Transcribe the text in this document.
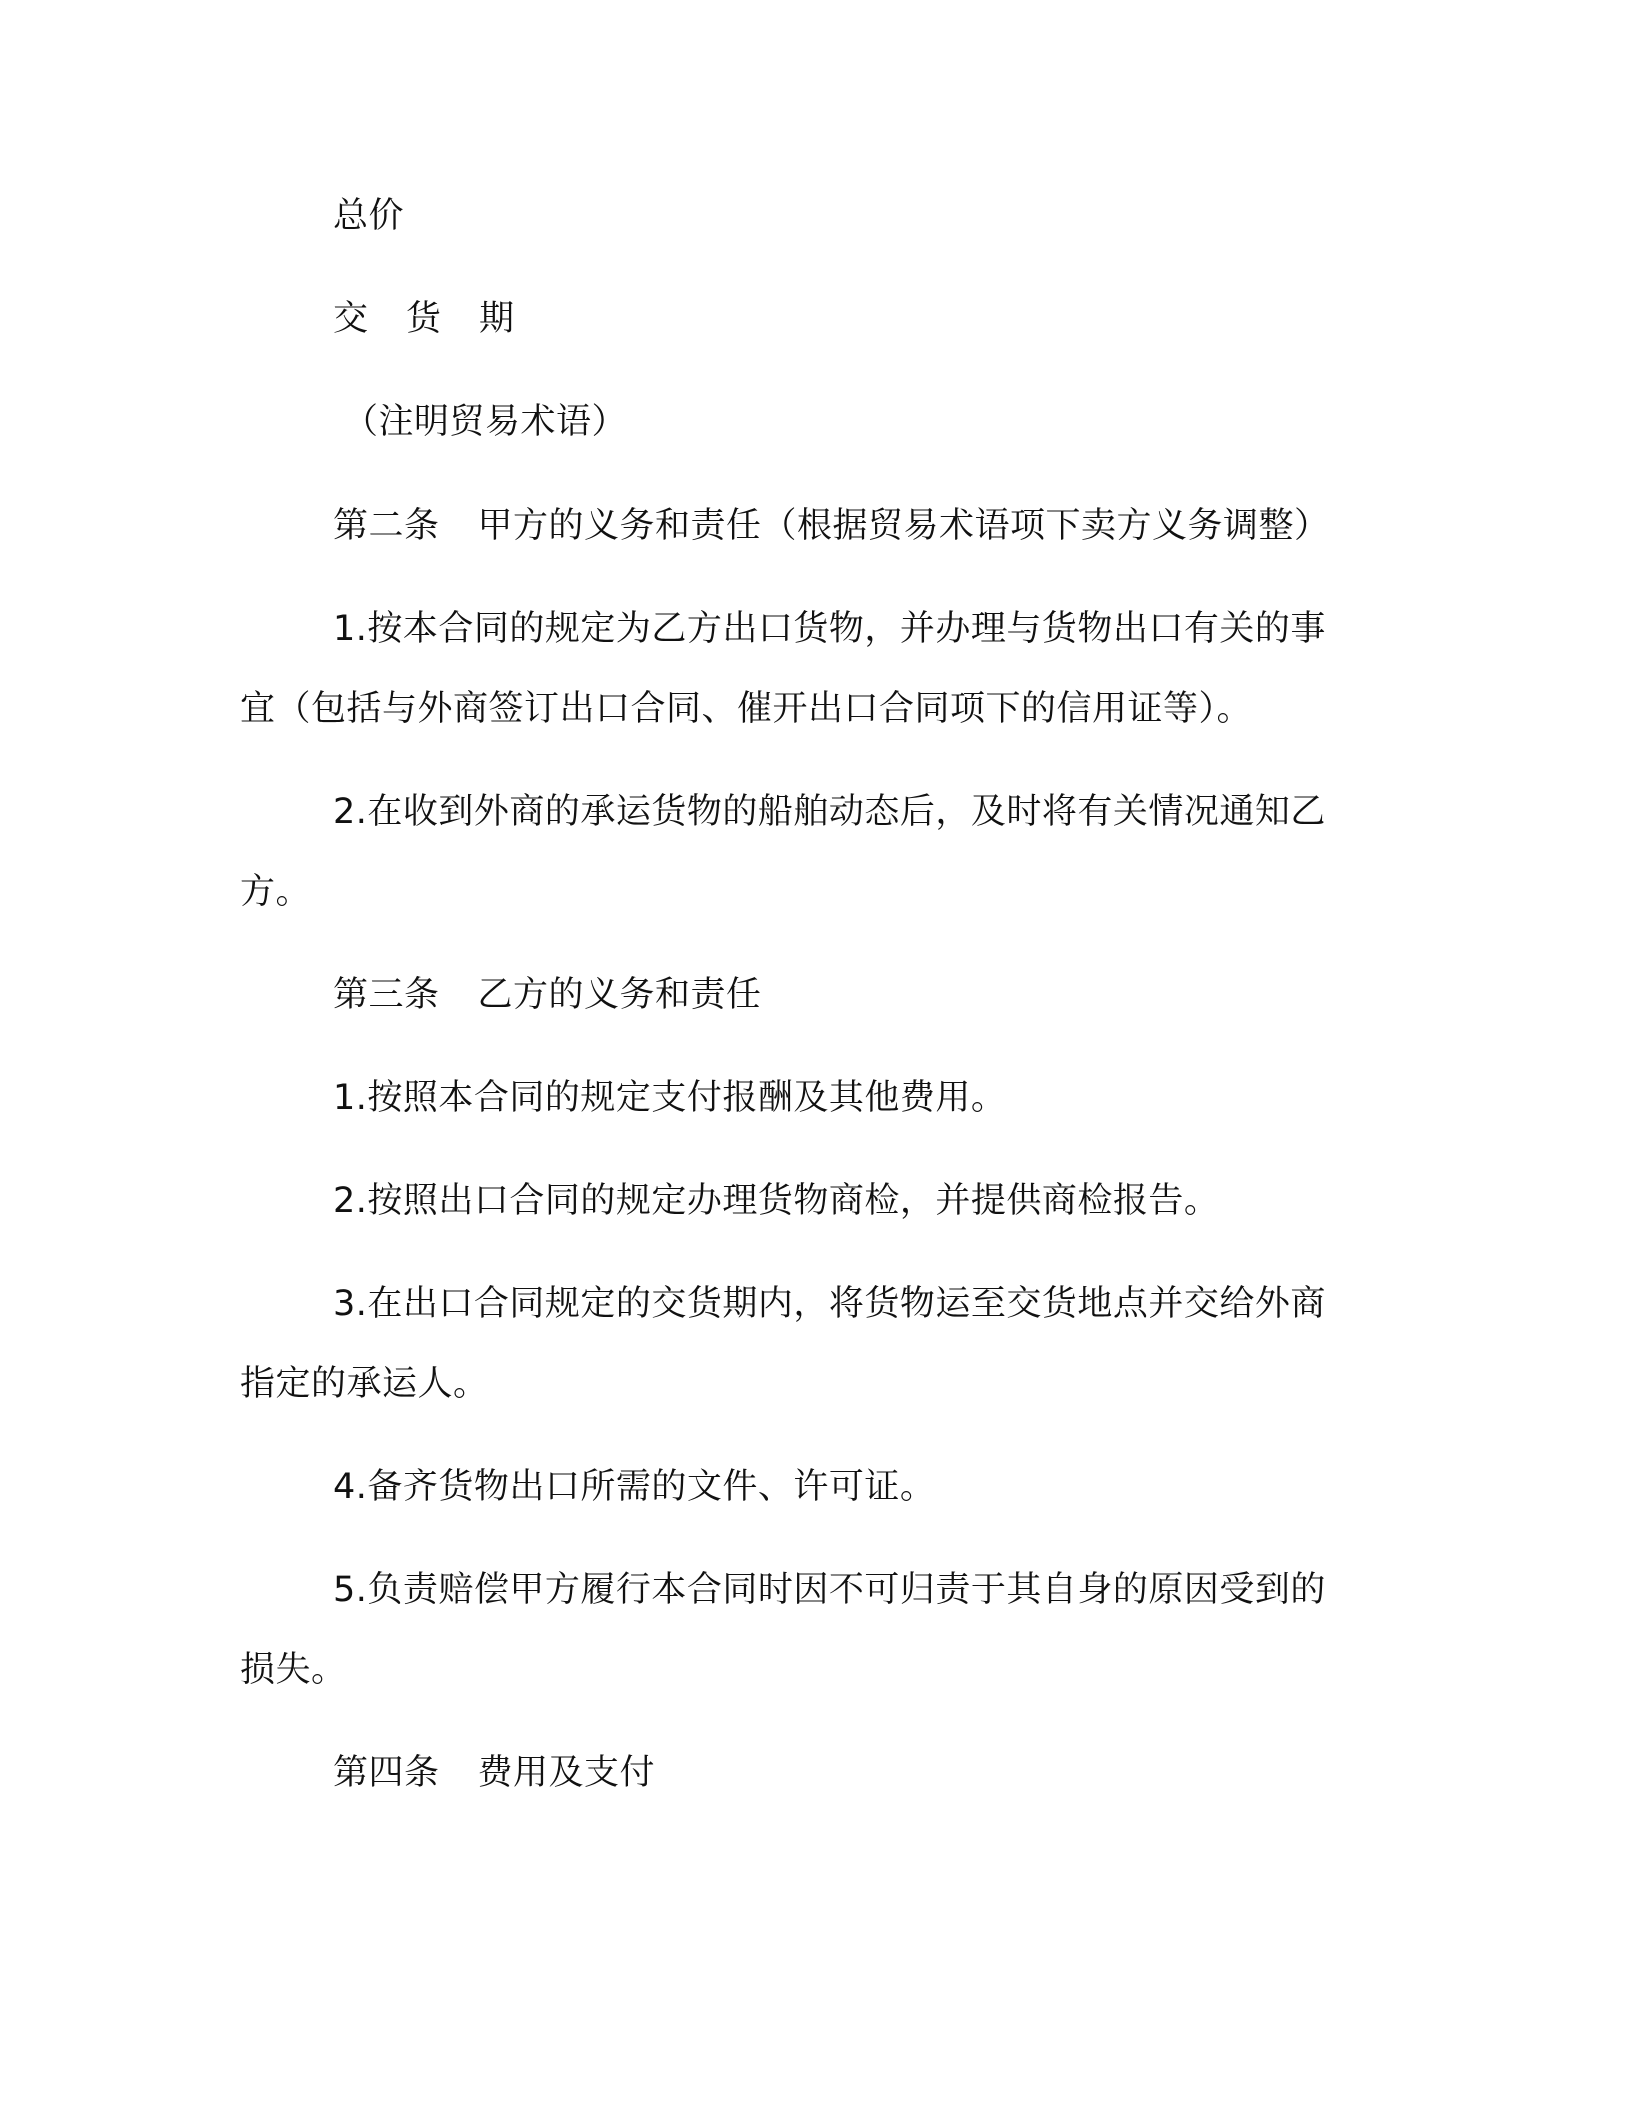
总价
交 货 期
（注明贸易术语）
第二条 甲方的义务和责任（根据贸易术语项下卖方义务调整）
1.按本合同的规定为乙方出口货物，并办理与货物出口有关的事
宜（包括与外商签订出口合同、催开出口合同项下的信用证等）。
2.在收到外商的承运货物的船舶动态后，及时将有关情况通知乙
方。
第三条 乙方的义务和责任
1.按照本合同的规定支付报酬及其他费用。
2.按照出口合同的规定办理货物商检，并提供商检报告。
3.在出口合同规定的交货期内，将货物运至交货地点并交给外商
指定的承运人。
4.备齐货物出口所需的文件、许可证。
5.负责赔偿甲方履行本合同时因不可归责于其自身的原因受到的
损失。
第四条 费用及支付
